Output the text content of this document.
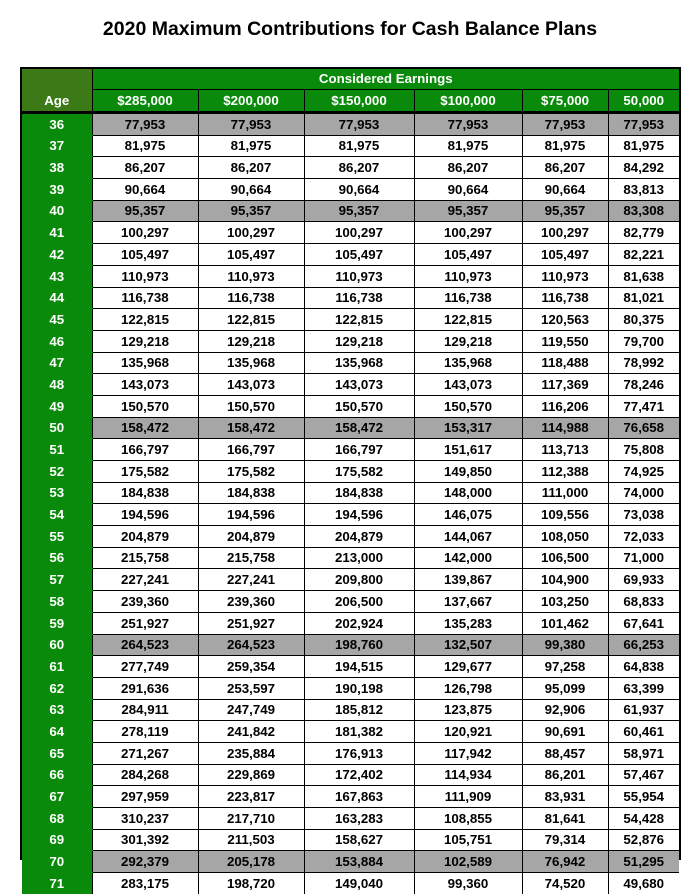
2020 Maximum Contributions for Cash Balance Plans
	Considered Earnings					
Age	$285,000	$200,000	$150,000	$100,000	$75,000	50,000

36	77,953	77,953	77,953	77,953	77,953	77,953
37	81,975	81,975	81,975	81,975	81,975	81,975
38	86,207	86,207	86,207	86,207	86,207	84,292
39	90,664	90,664	90,664	90,664	90,664	83,813
40	95,357	95,357	95,357	95,357	95,357	83,308
41	100,297	100,297	100,297	100,297	100,297	82,779
42	105,497	105,497	105,497	105,497	105,497	82,221
43	110,973	110,973	110,973	110,973	110,973	81,638
44	116,738	116,738	116,738	116,738	116,738	81,021
45	122,815	122,815	122,815	122,815	120,563	80,375
46	129,218	129,218	129,218	129,218	119,550	79,700
47	135,968	135,968	135,968	135,968	118,488	78,992
48	143,073	143,073	143,073	143,073	117,369	78,246
49	150,570	150,570	150,570	150,570	116,206	77,471
50	158,472	158,472	158,472	153,317	114,988	76,658
51	166,797	166,797	166,797	151,617	113,713	75,808
52	175,582	175,582	175,582	149,850	112,388	74,925
53	184,838	184,838	184,838	148,000	111,000	74,000
54	194,596	194,596	194,596	146,075	109,556	73,038
55	204,879	204,879	204,879	144,067	108,050	72,033
56	215,758	215,758	213,000	142,000	106,500	71,000
57	227,241	227,241	209,800	139,867	104,900	69,933
58	239,360	239,360	206,500	137,667	103,250	68,833
59	251,927	251,927	202,924	135,283	101,462	67,641
60	264,523	264,523	198,760	132,507	99,380	66,253
61	277,749	259,354	194,515	129,677	97,258	64,838
62	291,636	253,597	190,198	126,798	95,099	63,399
63	284,911	247,749	185,812	123,875	92,906	61,937
64	278,119	241,842	181,382	120,921	90,691	60,461
65	271,267	235,884	176,913	117,942	88,457	58,971
66	284,268	229,869	172,402	114,934	86,201	57,467
67	297,959	223,817	167,863	111,909	83,931	55,954
68	310,237	217,710	163,283	108,855	81,641	54,428
69	301,392	211,503	158,627	105,751	79,314	52,876
70	292,379	205,178	153,884	102,589	76,942	51,295
71	283,175	198,720	149,040	99,360	74,520	49,680
